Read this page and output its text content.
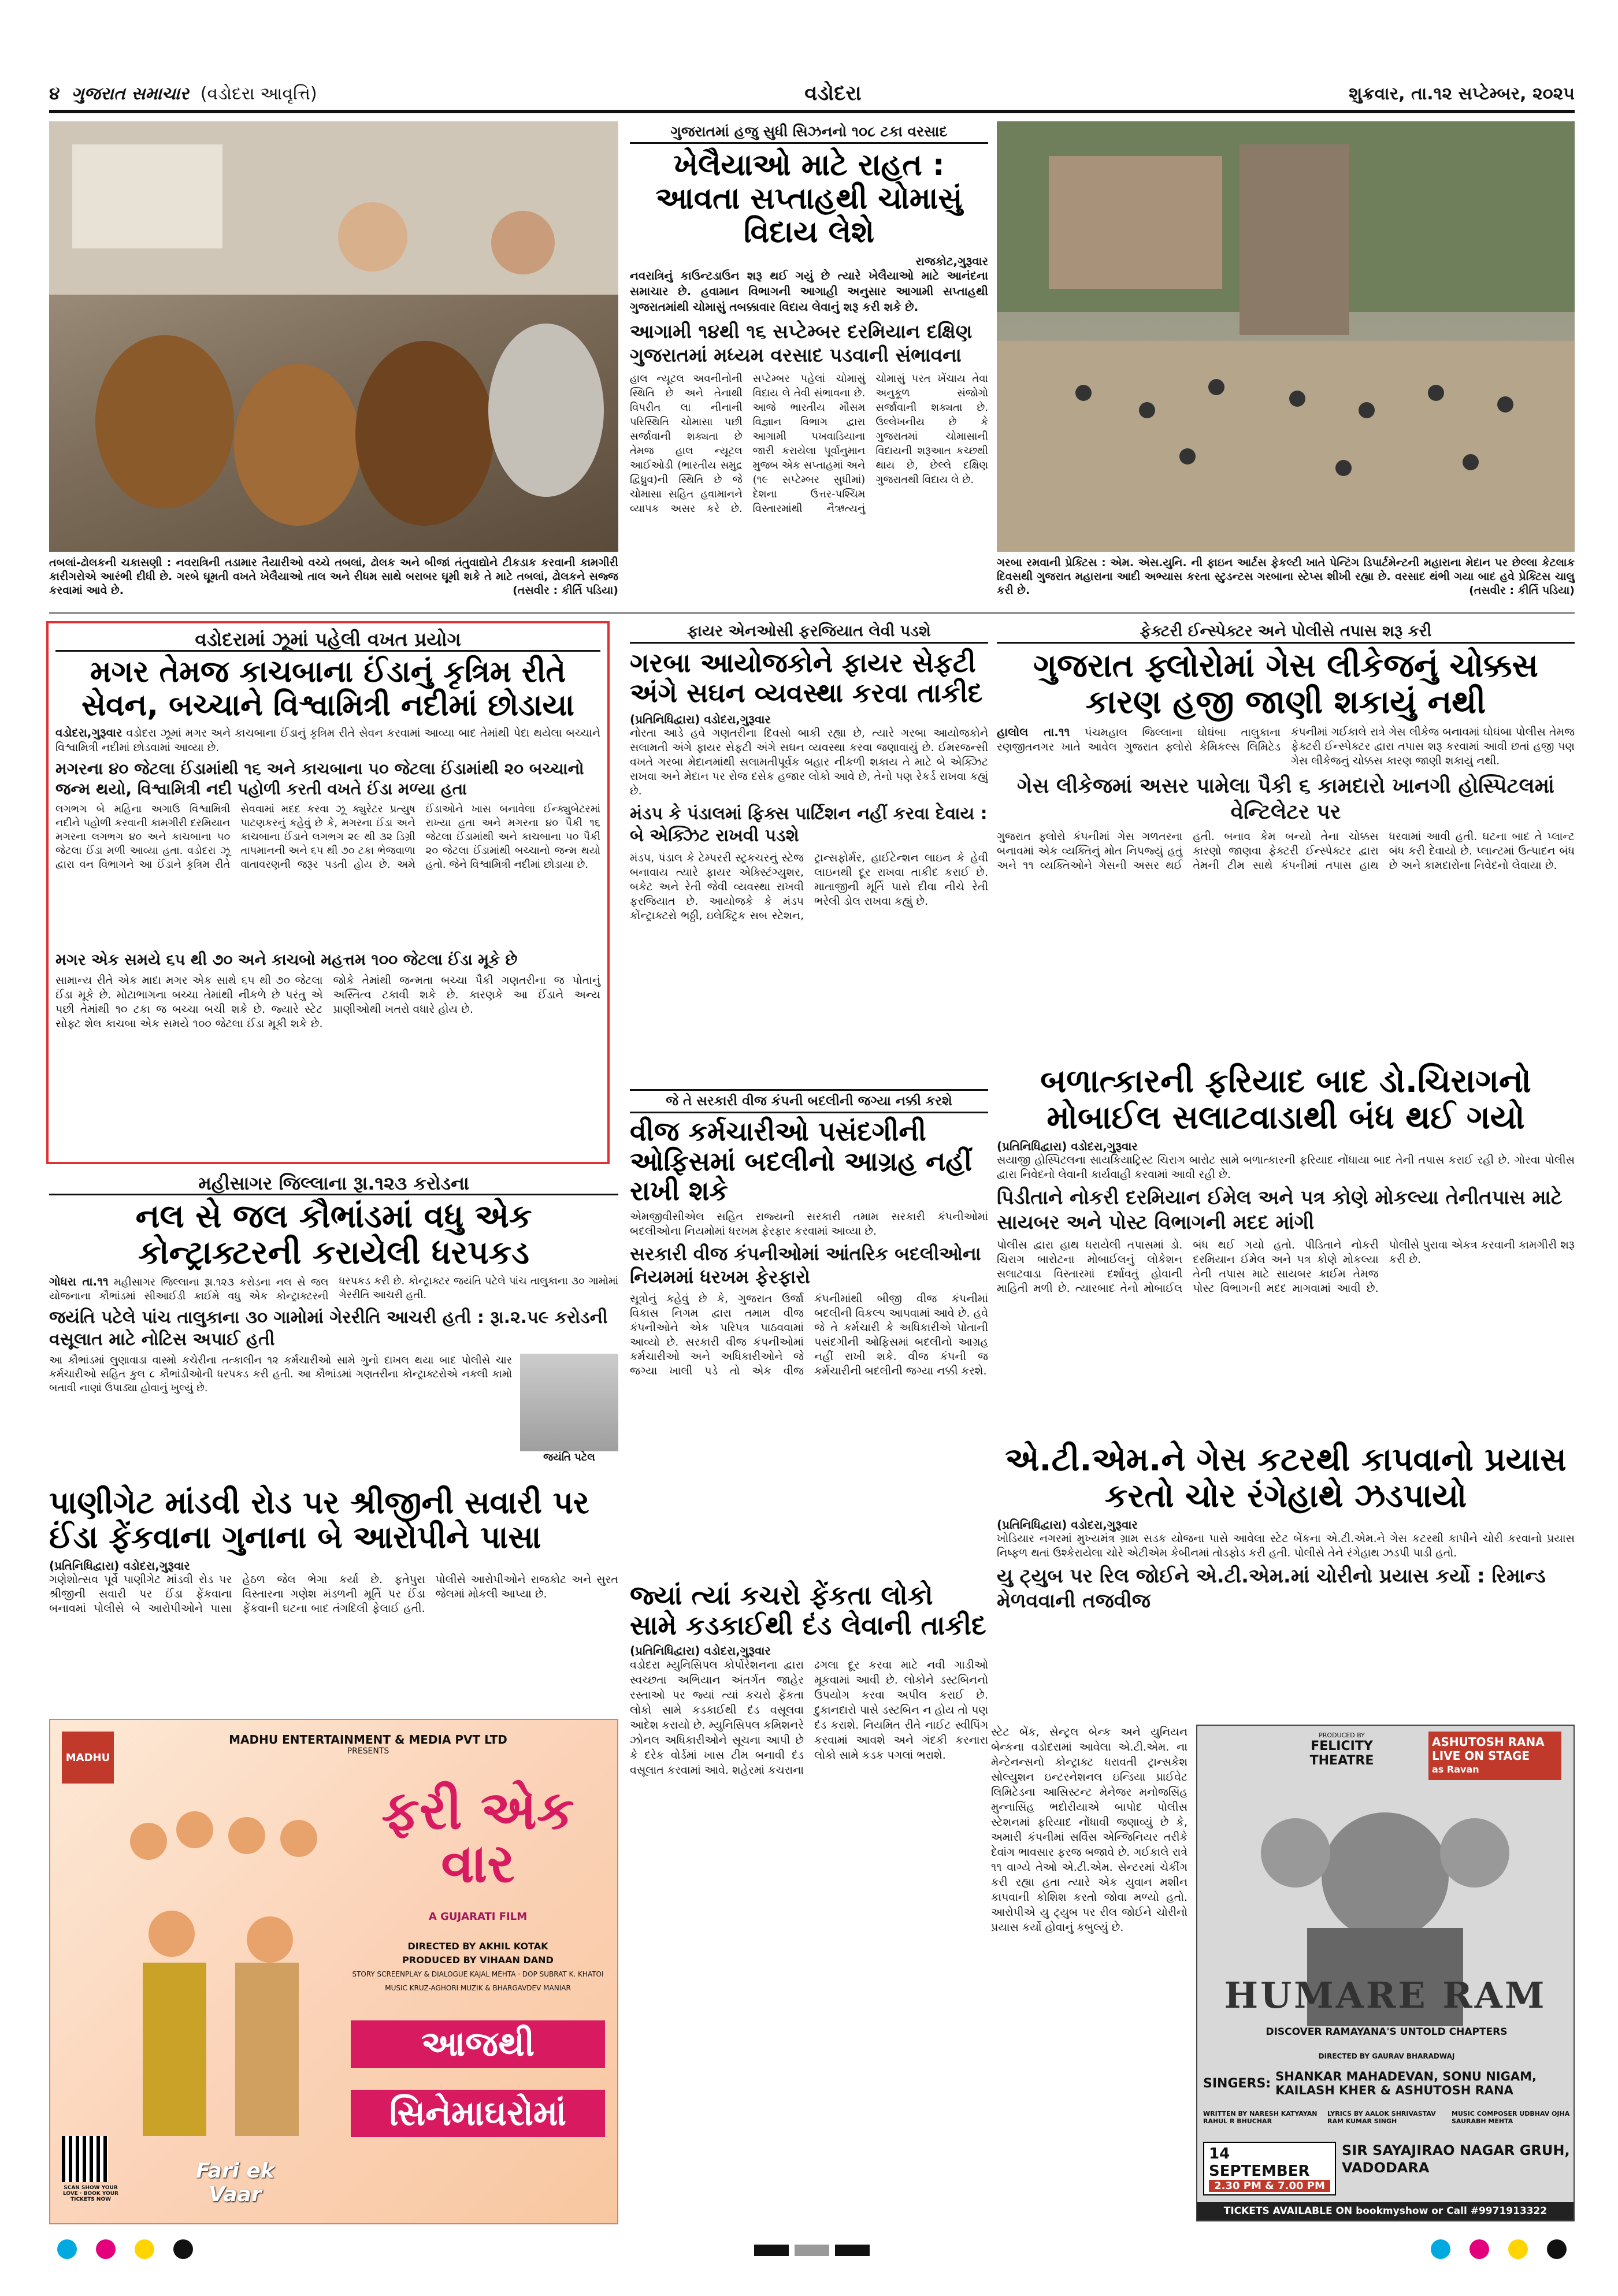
૪ ગુજરાત સમાચાર (વડોદરા આવૃત્તિ)	વડોદરા	શુક્રવાર, તા.૧૨ સપ્ટેમ્બર, ૨૦૨૫
તબલાં-ઢોલકની ચકાસણી : નવરાત્રિની તડામાર તૈયારીઓ વચ્ચે તબલાં, ઢોલક અને બીજાં તંતુવાદ્યોને ટીકડાક કરવાની કામગીરી કારીગરોએ આરંભી દીધી છે. ગરબે ઘૂમતી વખતે ખેલૈયાઓ તાલ અને રીધમ સાથે બરાબર ઘૂમી શકે તે માટે તબલાં, ઢોલકને સજ્જ કરવામાં આવે છે.	(તસવીર : કીર્તિ પડિયા)
ગુજરાતમાં હજુ સુધી સિઝનનો ૧૦૮ ટકા વરસાદ
ખેલૈયાઓ માટે રાહત : આવતા સપ્તાહથી ચોમાસું વિદાય લેશે
રાજકોટ,ગુરૂવાર
નવરાત્રિનું કાઉન્ટડાઉન શરૂ થઈ ગયું છે ત્યારે ખેલૈયાઓ માટે આનંદના સમાચાર છે. હવામાન વિભાગની આગાહી અનુસાર આગામી સપ્તાહથી ગુજરાતમાંથી ચોમાસું તબક્કાવાર વિદાય લેવાનું શરૂ કરી શકે છે.
આગામી ૧૪થી ૧૬ સપ્ટેમ્બર દરમિયાન દક્ષિણ ગુજરાતમાં મધ્યમ વરસાદ પડવાની સંભાવના
હાલ ન્યૂટલ અવનીનોની સ્થિતિ છે અને તેનાથી વિપરીત લા નીનાની પરિસ્થિતિ ચોમાસા પછી સર્જાવાની શક્યતા છે તેમજ હાલ ન્યૂટલ આઈઓડી (ભારતીય સમુદ્ર દ્વિધ્રુવ)ની સ્થિતિ છે જે ચોમાસા સહિત હવામાનને વ્યાપક અસર કરે છે. સપ્ટેમ્બર પહેલાં ચોમાસું વિદાય લે તેવી સંભાવના છે. આજે ભારતીય મૌસમ વિજ્ઞાન વિભાગ દ્વારા આગામી પખવાડિયાના જારી કરાયેલા પૂર્વાનુમાન મુજબ એક સપ્તાહમાં અને (૧૯ સપ્ટેમ્બર સુધીમાં) દેશના ઉત્તર-પશ્ચિમ વિસ્તારમાંથી નૈઋત્યનું ચોમાસું પરત ખેંચાય તેવા અનુકૂળ સંજોગો સર્જાવાની શક્યતા છે. ઉલ્લેખનીય છે કે ગુજરાતમાં ચોમાસાની વિદાયની શરૂઆત કચ્છથી થાય છે, છેલ્લે દક્ષિણ ગુજરાતથી વિદાય લે છે.
ગરબા રમવાની પ્રેક્ટિસ : એમ. એસ.યુનિ. ની ફાઇન આર્ટસ ફેકલ્ટી ખાતે પેન્ટિંગ ડિપાર્ટમેન્ટની મહારાના મેદાન પર છેલ્લા કેટલાક દિવસથી ગુજરાત મહારાના આદી અભ્યાસ કરતા સ્ટુડન્ટસ ગરબાના સ્ટેપ્સ શીખી રહ્યા છે. વરસાદ થંભી ગયા બાદ હવે પ્રેક્ટિસ ચાલુ કરી છે.	(તસવીર : કીર્તિ પડિયા)
વડોદરામાં ઝૂમાં પહેલી વખત પ્રયોગ
મગર તેમજ કાચબાના ઈંડાનું કૃત્રિમ રીતે સેવન, બચ્ચાને વિશ્વામિત્રી નદીમાં છોડાયા
વડોદરા,ગુરૂવાર વડોદરા ઝૂમાં મગર અને કાચબાના ઈંડાનું કૃત્રિમ રીતે સેવન કરવામાં આવ્યા બાદ તેમાંથી પેદા થયેલા બચ્ચાને વિશ્વામિત્રી નદીમાં છોડવામાં આવ્યા છે.
મગરના ૪૦ જેટલા ઈંડામાંથી ૧૬ અને કાચબાના ૫૦ જેટલા ઈંડામાંથી ૨૦ બચ્ચાનો જન્મ થયો, વિશ્વામિત્રી નદી પહોળી કરતી વખતે ઈંડા મળ્યા હતા
લગભગ બે મહિના અગાઉ વિશ્વામિત્રી નદીને પહોળી કરવાની કામગીરી દરમિયાન મગરના લગભગ ૪૦ અને કાચબાના ૫૦ જેટલા ઈંડા મળી આવ્યા હતા. વડોદરા ઝૂ દ્વારા વન વિભાગને આ ઈંડાને કૃત્રિમ રીતે સેવવામાં મદદ કરવા ઝૂ ક્યુરેટર પ્રત્યુષ પાટણકરનું કહેવું છે કે, મગરના ઈંડા અને કાચબાના ઈંડાને લગભગ ૨૯ થી ૩૨ ડિગ્રી તાપમાનની અને ૬૫ થી ૭૦ ટકા ભેજવાળા વાતાવરણની જરૂર પડતી હોય છે. અમે ઈંડાઓને ખાસ બનાવેલા ઈન્ક્યુબેટરમાં રાખ્યા હતા અને મગરના ૪૦ પૈકી ૧૬ જેટલા ઈંડામાંથી અને કાચબાના ૫૦ પૈકી ૨૦ જેટલા ઈંડામાંથી બચ્ચાનો જન્મ થયો હતો. જેને વિશ્વામિત્રી નદીમાં છોડાયા છે.
મગર એક સમયે ૬૫ થી ૭૦ અને કાચબો મહત્તમ ૧૦૦ જેટલા ઈંડા મૂકે છે
સામાન્ય રીતે એક માદા મગર એક સાથે ૬૫ થી ૭૦ જેટલા ઈંડા મૂકે છે. મોટાભાગના બચ્ચા તેમાંથી નીકળે છે પરંતુ એ પછી તેમાંથી ૧૦ ટકા જ બચ્ચા બચી શકે છે. જ્યારે સ્ટેટ સોફ્ટ શેલ કાચબા એક સમયે ૧૦૦ જેટલા ઈંડા મૂકી શકે છે. જોકે તેમાંથી જન્મતા બચ્ચા પૈકી ગણતરીના જ પોતાનું અસ્તિત્વ ટકાવી શકે છે. કારણકે આ ઈંડાને અન્ય પ્રાણીઓથી ખતરો વધારે હોય છે.
ફાયર એનઓસી ફરજિયાત લેવી પડશે
ગરબા આયોજકોને ફાયર સેફટી અંગે સઘન વ્યવસ્થા કરવા તાકીદ
(પ્રતિનિધિદ્વારા) વડોદરા,ગુરૂવાર
નોરતા આડે હવે ગણતરીના દિવસો બાકી રહ્યા છે, ત્યારે ગરબા આયોજકોને સલામતી અંગે ફાયર સેફટી અંગે સઘન વ્યવસ્થા કરવા જણાવાયું છે. ઈમરજન્સી વખતે ગરબા મેદાનમાંથી સલામતીપૂર્વક બહાર નીકળી શકાય તે માટે બે એક્ઝિટ રાખવા અને મેદાન પર રોજ દસેક હજાર લોકો આવે છે, તેનો પણ રેકર્ડ રાખવા કહ્યું છે.
મંડપ કે પંડાલમાં ફિક્સ પાર્ટિશન નહીં કરવા દેવાય : બે એક્ઝિટ રાખવી પડશે
મંડપ, પંડાલ કે ટેમ્પરરી સ્ટ્રકચરનું સ્ટેજ બનાવાય ત્યારે ફાયર એક્સ્ટિંગ્યુશર, બકેટ અને રેતી જેવી વ્યવસ્થા રાખવી ફરજિયાત છે. આયોજકે કે મંડપ કોંન્ટ્રાક્ટરો ભઠ્ઠી, ઇલેક્ટ્રિક સબ સ્ટેશન, ટ્રાન્સફોર્મર, હાઈટેન્શન લાઇન કે હેવી લાઇનથી દૂર રાખવા તાકીદ કરાઈ છે. માતાજીની મૂર્તિ પાસે દીવા નીચે રેતી ભરેલી ડોલ રાખવા કહ્યું છે.
ફેક્ટરી ઈન્સ્પેક્ટર અને પોલીસે તપાસ શરૂ કરી
ગુજરાત ફ્લોરોમાં ગેસ લીકેજનું ચોક્કસ કારણ હજી જાણી શકાયું નથી
હાલોલ તા.૧૧ પંચમહાલ જિલ્લાના ઘોઘંબા તાલુકાના રણજીતનગર ખાતે આવેલ ગુજરાત ફ્લોરો કેમિકલ્સ લિમિટેડ કંપનીમાં ગઈકાલે રાત્રે ગેસ લીકેજ બનાવમાં ઘોઘંબા પોલીસ તેમજ ફેક્ટરી ઈન્સ્પેક્ટર દ્વારા તપાસ શરૂ કરવામાં આવી છતાં હજી પણ ગેસ લીકેજનું ચોક્કસ કારણ જાણી શકાયું નથી.
ગેસ લીકેજમાં અસર પામેલા પૈકી ૬ કામદારો ખાનગી હોસ્પિટલમાં વેન્ટિલેટર પર
ગુજરાત ફ્લોરો કંપનીમાં ગેસ ગળતરના બનાવમાં એક વ્યક્તિનું મોત નિપજ્યું હતું અને ૧૧ વ્યક્તિઓને ગેસની અસર થઈ હતી. બનાવ કેમ બન્યો તેના ચોક્કસ કારણો જાણવા ફેક્ટરી ઈન્સ્પેક્ટર દ્વારા તેમની ટીમ સાથે કંપનીમાં તપાસ હાથ ધરવામાં આવી હતી. ઘટના બાદ તે પ્લાન્ટ બંધ કરી દેવાયો છે. પ્લાન્ટમાં ઉત્પાદન બંધ છે અને કામદારોના નિવેદનો લેવાયા છે.
મહીસાગર જિલ્લાના રૂા.૧૨૩ કરોડના
નલ સે જલ કૌભાંડમાં વધુ એક કોન્ટ્રાક્ટરની કરાયેલી ધરપકડ
ગોધરા તા.૧૧ મહીસાગર જિલ્લાના રૂા.૧૨૩ કરોડના નલ સે જલ યોજનાના કૌભાંડમાં સીઆઈડી ક્રાઈમે વધુ એક કોન્ટ્રાક્ટરની ધરપકડ કરી છે. કોન્ટ્રાક્ટર જયંતિ પટેલે પાંચ તાલુકાના ૩૦ ગામોમાં ગેરરીતિ આચરી હતી.
જયંતિ પટેલે પાંચ તાલુકાના ૩૦ ગામોમાં ગેરરીતિ આચરી હતી : રૂા.૨.૫૯ કરોડની વસૂલાત માટે નોટિસ અપાઈ હતી
આ કૌભાંડમાં લુણાવાડા વાસ્મો કચેરીના તત્કાલીન ૧૨ કર્મચારીઓ સામે ગુનો દાખલ થયા બાદ પોલીસે ચાર કર્મચારીઓ સહિત કુલ ૮ કૌભાંડીઓની ધરપકડ કરી હતી. આ કૌભાંડમાં ગણતરીના કોન્ટ્રાક્ટરોએ નકલી કામો બતાવી નાણાં ઉપાડ્યા હોવાનું ખુલ્યું છે.
જયંતિ પટેલ
જે તે સરકારી વીજ કંપની બદલીની જગ્યા નક્કી કરશે
વીજ કર્મચારીઓ પસંદગીની ઓફિસમાં બદલીનો આગ્રહ નહીં રાખી શકે
એમજીવીસીએલ સહિત રાજ્યની સરકારી તમામ સરકારી કંપનીઓમાં બદલીઓના નિયમોમાં ધરખમ ફેરફાર કરવામાં આવ્યા છે.
સરકારી વીજ કંપનીઓમાં આંતરિક બદલીઓના નિયમમાં ધરખમ ફેરફારો
સૂત્રોનું કહેવું છે કે, ગુજરાત ઉર્જા વિકાસ નિગમ દ્વારા તમામ વીજ કંપનીઓને એક પરિપત્ર પાઠવવામાં આવ્યો છે. સરકારી વીજ કંપનીઓમાં કર્મચારીઓ અને અધિકારીઓને જે જગ્યા ખાલી પડે તો એક વીજ કંપનીમાંથી બીજી વીજ કંપનીમાં બદલીની વિકલ્પ આપવામાં આવે છે. હવે જે તે કર્મચારી કે અધિકારીએ પોતાની પસંદગીની ઓફિસમાં બદલીનો આગ્રહ નહીં રાખી શકે. વીજ કંપની જ કર્મચારીની બદલીની જગ્યા નક્કી કરશે.
બળાત્કારની ફરિયાદ બાદ ડો.ચિરાગનો મોબાઈલ સલાટવાડાથી બંધ થઈ ગયો
(પ્રતિનિધિદ્વારા) વડોદરા,ગુરૂવાર
સયાજી હોસ્પિટલના સાયકિયાટ્રિસ્ટ ચિરાગ બારોટ સામે બળાત્કારની ફરિયાદ નોંધાયા બાદ તેની તપાસ કરાઈ રહી છે. ગોરવા પોલીસ દ્વારા નિવેદનો લેવાની કાર્યવાહી કરવામાં આવી રહી છે.
પિડીતાને નોકરી દરમિયાન ઈમેલ અને પત્ર કોણે મોકલ્યા તેનીતપાસ માટે સાયબર અને પોસ્ટ વિભાગની મદદ માંગી
પોલીસ દ્વારા હાથ ધરાયેલી તપાસમાં ડો. ચિરાગ બારોટના મોબાઈલનું લોકેશન સલાટવાડા વિસ્તારમાં દર્શાવતું હોવાની માહિતી મળી છે. ત્યારબાદ તેનો મોબાઈલ બંધ થઈ ગયો હતો. પીડિતાને નોકરી દરમિયાન ઈમેલ અને પત્ર કોણે મોકલ્યા તેની તપાસ માટે સાયબર ક્રાઈમ તેમજ પોસ્ટ વિભાગની મદદ માગવામાં આવી છે. પોલીસે પુરાવા એકત્ર કરવાની કામગીરી શરૂ કરી છે.
એ.ટી.એમ.ને ગેસ કટરથી કાપવાનો પ્રયાસ કરતો ચોર રંગેહાથે ઝડપાયો
(પ્રતિનિધિદ્વારા) વડોદરા,ગુરૂવાર
ખોડિયાર નગરમાં મુખ્યમંત્ર ગ્રામ સડક યોજના પાસે આવેલા સ્ટેટ બેંકના એ.ટી.એમ.ને ગેસ કટરથી કાપીને ચોરી કરવાનો પ્રયાસ નિષ્ફળ થતાં ઉશ્કેરાયેલા ચોરે એટીએમ કેબીનમાં તોડફોડ કરી હતી. પોલીસે તેને રંગેહાથ ઝડપી પાડી હતો.
યુ ટ્યુબ પર રિલ જોઈને એ.ટી.એમ.માં ચોરીનો પ્રયાસ કર્યો : રિમાન્ડ મેળવવાની તજવીજ
સ્ટેટ બેંક, સેન્ટ્રલ બેન્ક અને યુનિયન બેન્કના વડોદરામાં આવેલા એ.ટી.એમ. ના મેન્ટેનન્સનો કોન્ટ્રાક્ટ ધરાવતી ટ્રાન્સકેશ સોલ્યુશન ઇન્ટરનેશનલ ઇન્ડિયા પ્રાઈવેટ લિમિટેડના આસિસ્ટન્ટ મેનેજર મનોજસિંહ મુન્નાસિંહ ભદોરીયાએ બાપોદ પોલીસ સ્ટેશનમાં ફરિયાદ નોંધાવી જણાવ્યું છે કે, અમારી કંપનીમાં સર્વિસ એન્જિનિયર તરીકે દેવાંગ ભાવસાર ફરજ બજાવે છે. ગઈકાલે રાત્રે ૧૧ વાગ્યે તેઓ એ.ટી.એમ. સેન્ટરમાં ચેકીંગ કરી રહ્યા હતા ત્યારે એક યુવાન મશીન કાપવાની કોશિશ કરતો જોવા મળ્યો હતો. આરોપીએ યુ ટ્યુબ પર રીલ જોઈને ચોરીનો પ્રયાસ કર્યો હોવાનું કબુલ્યું છે.
પાણીગેટ માંડવી રોડ પર શ્રીજીની સવારી પર ઈંડા ફેંકવાના ગુનાના બે આરોપીને પાસા
(પ્રતિનિધિદ્વારા) વડોદરા,ગુરૂવાર
ગણેશોત્સવ પૂર્વે પાણીગેટ માંડવી રોડ પર શ્રીજીની સવારી પર ઈંડા ફેંકવાના બનાવમાં પોલીસે બે આરોપીઓને પાસા હેઠળ જેલ ભેગા કર્યા છે. ફતેપુરા વિસ્તારના ગણેશ મંડળની મૂર્તિ પર ઈંડા ફેંકવાની ઘટના બાદ તંગદિલી ફેલાઈ હતી. પોલીસે આરોપીઓને રાજકોટ અને સુરત જેલમાં મોકલી આપ્યા છે.	જ્યાં ત્યાં કચરો ફેંકતા લોકો સામે કડકાઈથી દંડ લેવાની તાકીદ
(પ્રતિનિધિદ્વારા) વડોદરા,ગુરૂવાર
વડોદરા મ્યુનિસિપલ કોર્પોરેશનના દ્વારા સ્વચ્છતા અભિયાન અંતર્ગત જાહેર રસ્તાઓ પર જ્યાં ત્યાં કચરો ફેંકતા લોકો સામે કડકાઈથી દંડ વસૂલવા આદેશ કરાયો છે. મ્યુનિસિપલ કમિશનરે ઝોનલ અધિકારીઓને સૂચના આપી છે કે દરેક વોર્ડમાં ખાસ ટીમ બનાવી દંડ વસૂલાત કરવામાં આવે. શહેરમાં કચરાના ઢગલા દૂર કરવા માટે નવી ગાડીઓ મૂકવામાં આવી છે. લોકોને ડસ્ટબિનનો ઉપયોગ કરવા અપીલ કરાઈ છે. દુકાનદારો પાસે ડસ્ટબિન ન હોય તો પણ દંડ કરાશે. નિયમિત રીતે નાઈટ સ્વીપિંગ કરવામાં આવશે અને ગંદકી કરનારા લોકો સામે કડક પગલાં ભરાશે.
MADHU
MADHU ENTERTAINMENT & MEDIA PVT LTD
PRESENTS
ફરી એક વાર
A GUJARATI FILM
DIRECTED BY AKHIL KOTAK
PRODUCED BY VIHAAN DAND
STORY SCREENPLAY & DIALOGUE KAJAL MEHTA · DOP SUBRAT K. KHATOI
MUSIC KRUZ-AGHORI MUZIK & BHARGAVDEV MANIAR
આજથી
સિનેમાઘરોમાં
Fari ek Vaar
SCAN SHOW YOUR LOVE · BOOK YOUR TICKETS NOW
PRODUCED BY
FELICITY THEATRE
ASHUTOSH RANA
LIVE ON STAGE
as Ravan
HUMARE RAM
DISCOVER RAMAYANA'S UNTOLD CHAPTERS
DIRECTED BY GAURAV BHARADWAJ
SINGERS: SHANKAR MAHADEVAN, SONU NIGAM, KAILASH KHER & ASHUTOSH RANA
WRITTEN BY NARESH KATYAYAN RAHUL R BHUCHAR
LYRICS BY AALOK SHRIVASTAV RAM KUMAR SINGH
MUSIC COMPOSER UDBHAV OJHA SAURABH MEHTA
14 SEPTEMBER
2.30 PM & 7.00 PM
SIR SAYAJIRAO NAGAR GRUH, VADODARA
TICKETS AVAILABLE ON bookmyshow or Call #9971913322
